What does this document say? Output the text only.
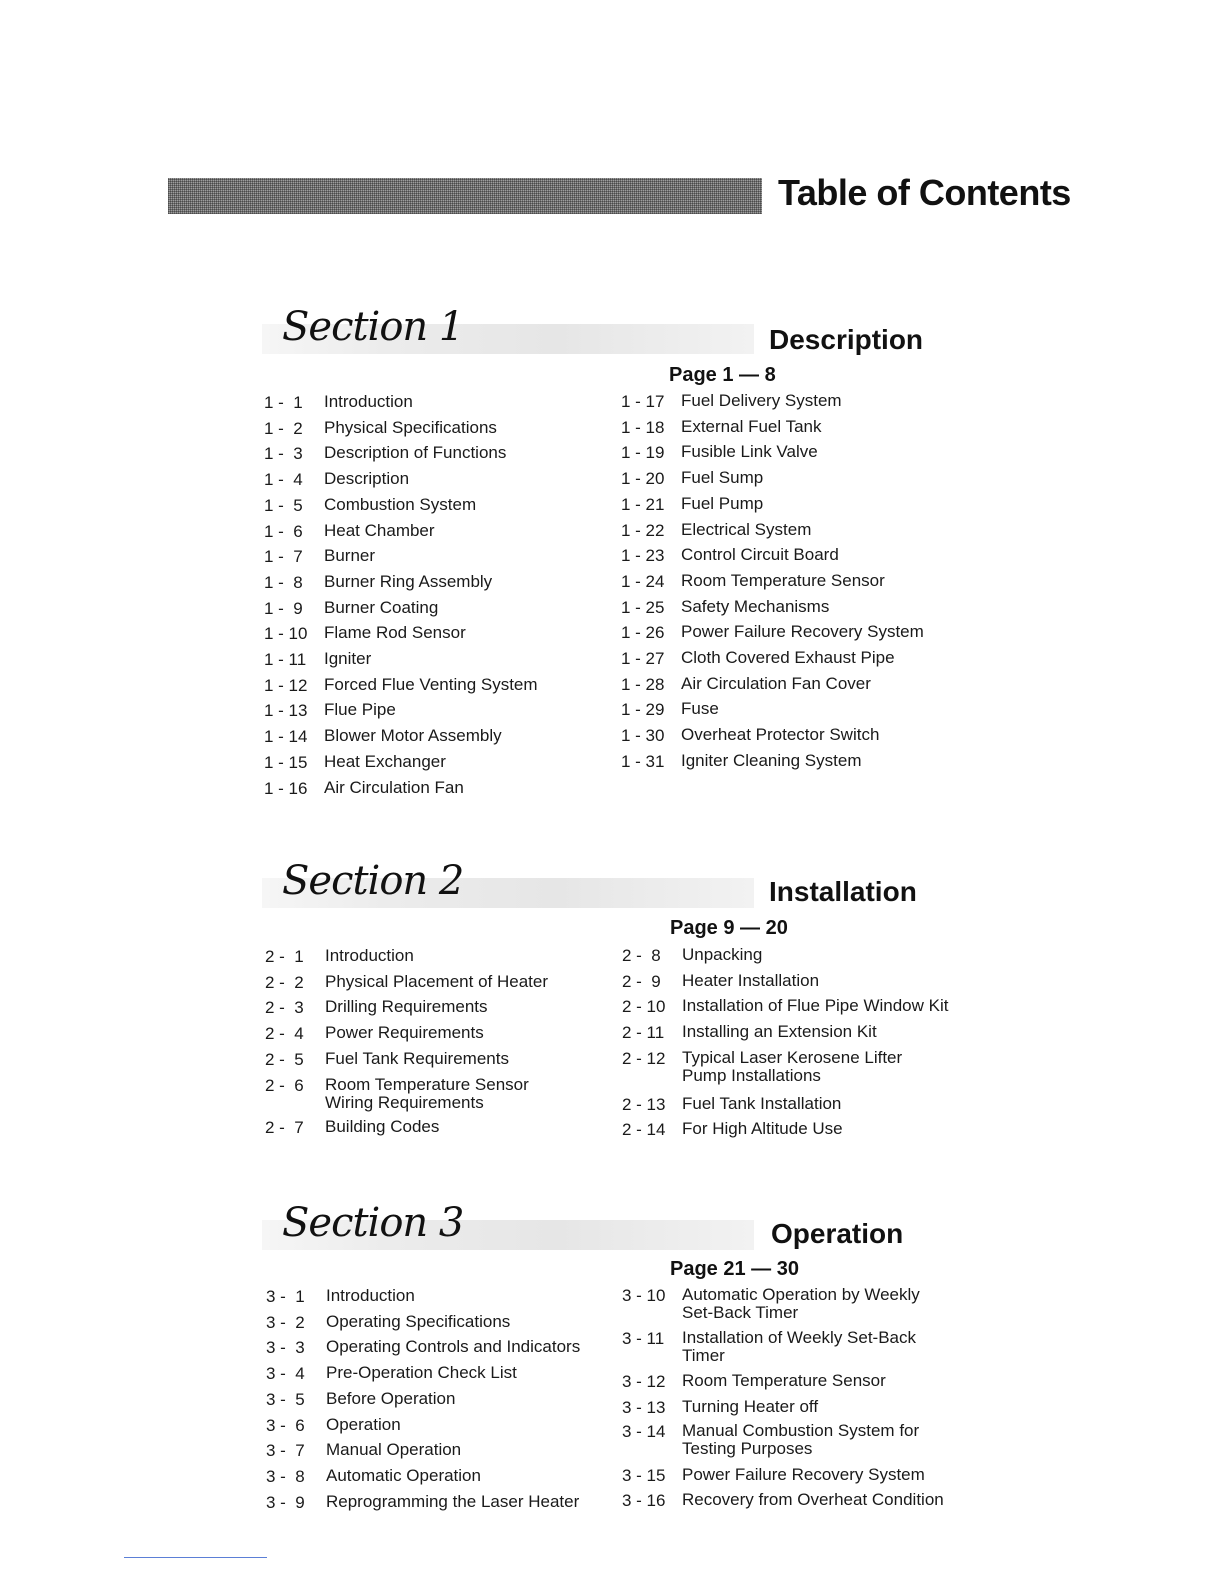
Table of Contents
Section 1	Description
Page 1 — 8
1 -  1 Introduction
1 -  2 Physical Specifications
1 -  3 Description of Functions
1 -  4 Description
1 -  5 Combustion System
1 -  6 Heat Chamber
1 -  7 Burner
1 -  8 Burner Ring Assembly
1 -  9 Burner Coating
1 - 10 Flame Rod Sensor
1 - 11 Igniter
1 - 12 Forced Flue Venting System
1 - 13 Flue Pipe
1 - 14 Blower Motor Assembly
1 - 15 Heat Exchanger
1 - 16 Air Circulation Fan
1 - 17 Fuel Delivery System
1 - 18 External Fuel Tank
1 - 19 Fusible Link Valve
1 - 20 Fuel Sump
1 - 21 Fuel Pump
1 - 22 Electrical System
1 - 23 Control Circuit Board
1 - 24 Room Temperature Sensor
1 - 25 Safety Mechanisms
1 - 26 Power Failure Recovery System
1 - 27 Cloth Covered Exhaust Pipe
1 - 28 Air Circulation Fan Cover
1 - 29 Fuse
1 - 30 Overheat Protector Switch
1 - 31 Igniter Cleaning System
Section 2	Installation
Page 9 — 20
2 -  1 Introduction
2 -  2 Physical Placement of Heater
2 -  3 Drilling Requirements
2 -  4 Power Requirements
2 -  5 Fuel Tank Requirements
2 -  6 Room Temperature Sensor
Wiring Requirements
2 -  7 Building Codes
2 -  8 Unpacking
2 -  9 Heater Installation
2 - 10 Installation of Flue Pipe Window Kit
2 - 11 Installing an Extension Kit
2 - 12 Typical Laser Kerosene Lifter
Pump Installations
2 - 13 Fuel Tank Installation
2 - 14 For High Altitude Use
Section 3	Operation
Page 21 — 30
3 -  1 Introduction
3 -  2 Operating Specifications
3 -  3 Operating Controls and Indicators
3 -  4 Pre-Operation Check List
3 -  5 Before Operation
3 -  6 Operation
3 -  7 Manual Operation
3 -  8 Automatic Operation
3 -  9 Reprogramming the Laser Heater
3 - 10 Automatic Operation by Weekly
Set-Back Timer
3 - 11 Installation of Weekly Set-Back
Timer
3 - 12 Room Temperature Sensor
3 - 13 Turning Heater off
3 - 14 Manual Combustion System for
Testing Purposes
3 - 15 Power Failure Recovery System
3 - 16 Recovery from Overheat Condition
